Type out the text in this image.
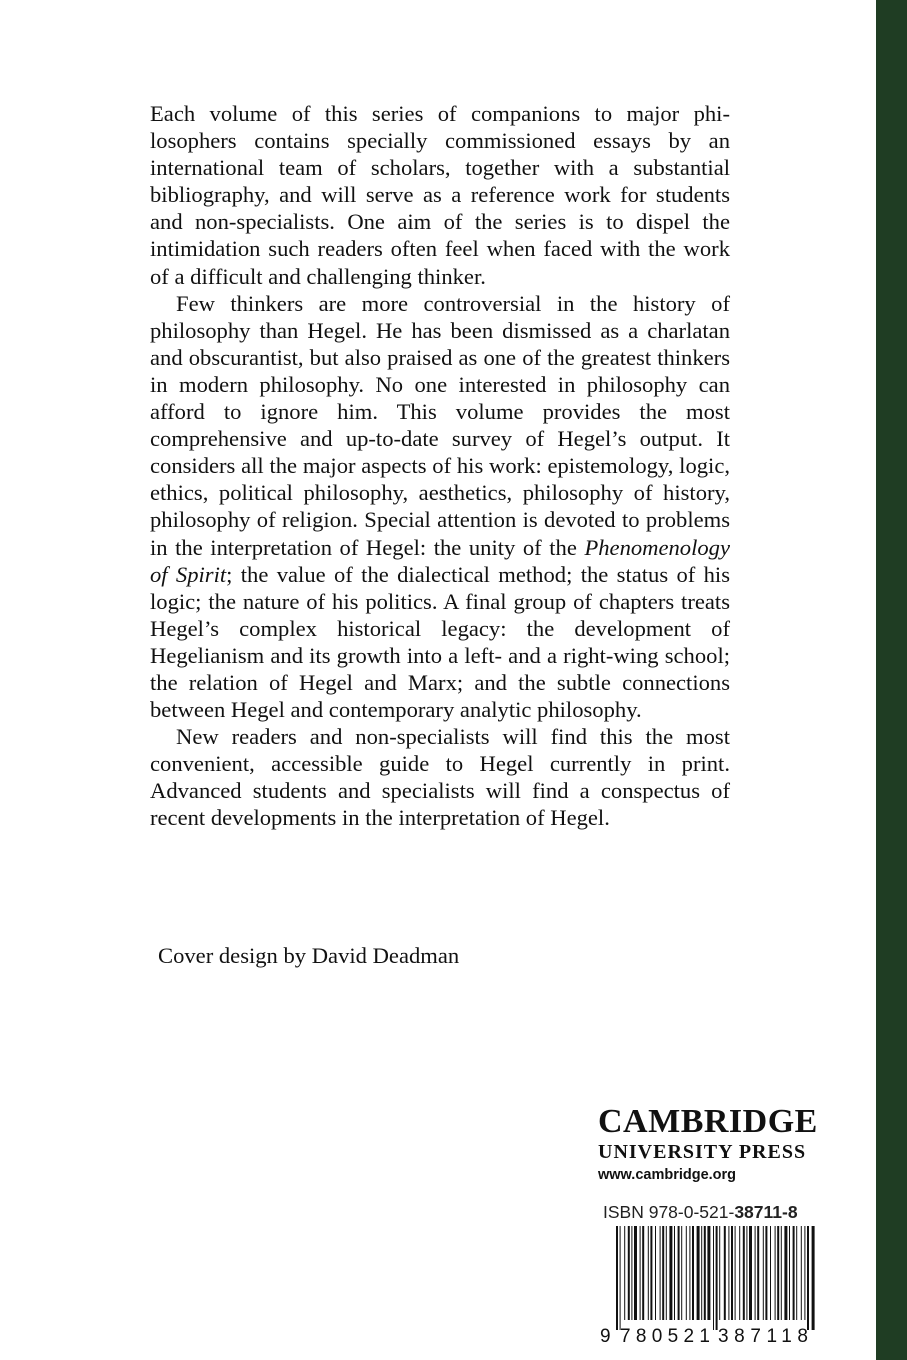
Each volume of this series of companions to major philosophers contains specially commissioned essays by an international team of scholars, together with a substantial bibliography, and will serve as a reference work for students and non-specialists. One aim of the series is to dispel the intimidation such readers often feel when faced with the work of a difficult and challenging thinker.

Few thinkers are more controversial in the history of philosophy than Hegel. He has been dismissed as a charlatan and obscurantist, but also praised as one of the greatest thinkers in modern philosophy. No one interested in philosophy can afford to ignore him. This volume provides the most comprehensive and up-to-date survey of Hegel’s output. It considers all the major aspects of his work: epistemology, logic, ethics, political philosophy, aesthetics, philosophy of history, philosophy of religion. Special attention is devoted to problems in the interpretation of Hegel: the unity of the Phenomenology of Spirit; the value of the dialectical method; the status of his logic; the nature of his politics. A final group of chapters treats Hegel’s complex historical legacy: the development of Hegelianism and its growth into a left- and a right-wing school; the relation of Hegel and Marx; and the subtle connections between Hegel and contemporary analytic philosophy.

New readers and non-specialists will find this the most convenient, accessible guide to Hegel currently in print. Advanced students and specialists will find a conspectus of recent developments in the interpretation of Hegel.

Cover design by David Deadman
CAMBRIDGE
UNIVERSITY PRESS
www.cambridge.org
ISBN 978-0-521-38711-8
9 780521 387118
